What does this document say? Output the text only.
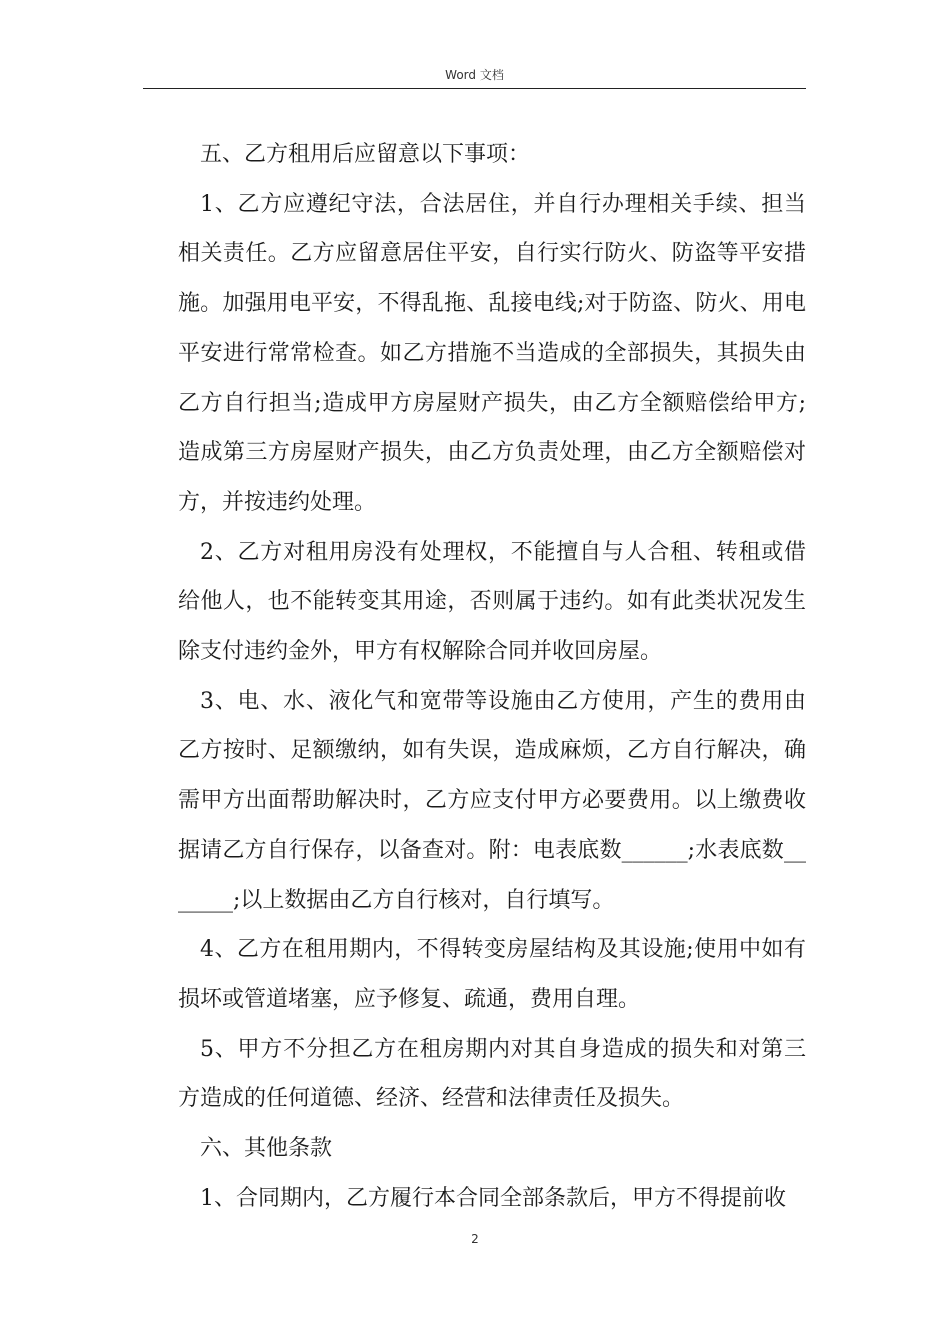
Word 文档

五、乙方租用后应留意以下事项：

1、乙方应遵纪守法，合法居住，并自行办理相关手续、担当相关责任。乙方应留意居住平安，自行实行防火、防盗等平安措施。加强用电平安，不得乱拖、乱接电线;对于防盗、防火、用电平安进行常常检查。如乙方措施不当造成的全部损失，其损失由乙方自行担当;造成甲方房屋财产损失，由乙方全额赔偿给甲方;造成第三方房屋财产损失，由乙方负责处理，由乙方全额赔偿对方，并按违约处理。

2、乙方对租用房没有处理权，不能擅自与人合租、转租或借给他人，也不能转变其用途，否则属于违约。如有此类状况发生除支付违约金外，甲方有权解除合同并收回房屋。

3、电、水、液化气和宽带等设施由乙方使用，产生的费用由乙方按时、足额缴纳，如有失误，造成麻烦，乙方自行解决，确需甲方出面帮助解决时，乙方应支付甲方必要费用。以上缴费收据请乙方自行保存，以备查对。附：电表底数______;水表底数_______;以上数据由乙方自行核对，自行填写。

4、乙方在租用期内，不得转变房屋结构及其设施;使用中如有损坏或管道堵塞，应予修复、疏通，费用自理。

5、甲方不分担乙方在租房期内对其自身造成的损失和对第三方造成的任何道德、经济、经营和法律责任及损失。

六、其他条款

1、合同期内，乙方履行本合同全部条款后，甲方不得提前收

2
